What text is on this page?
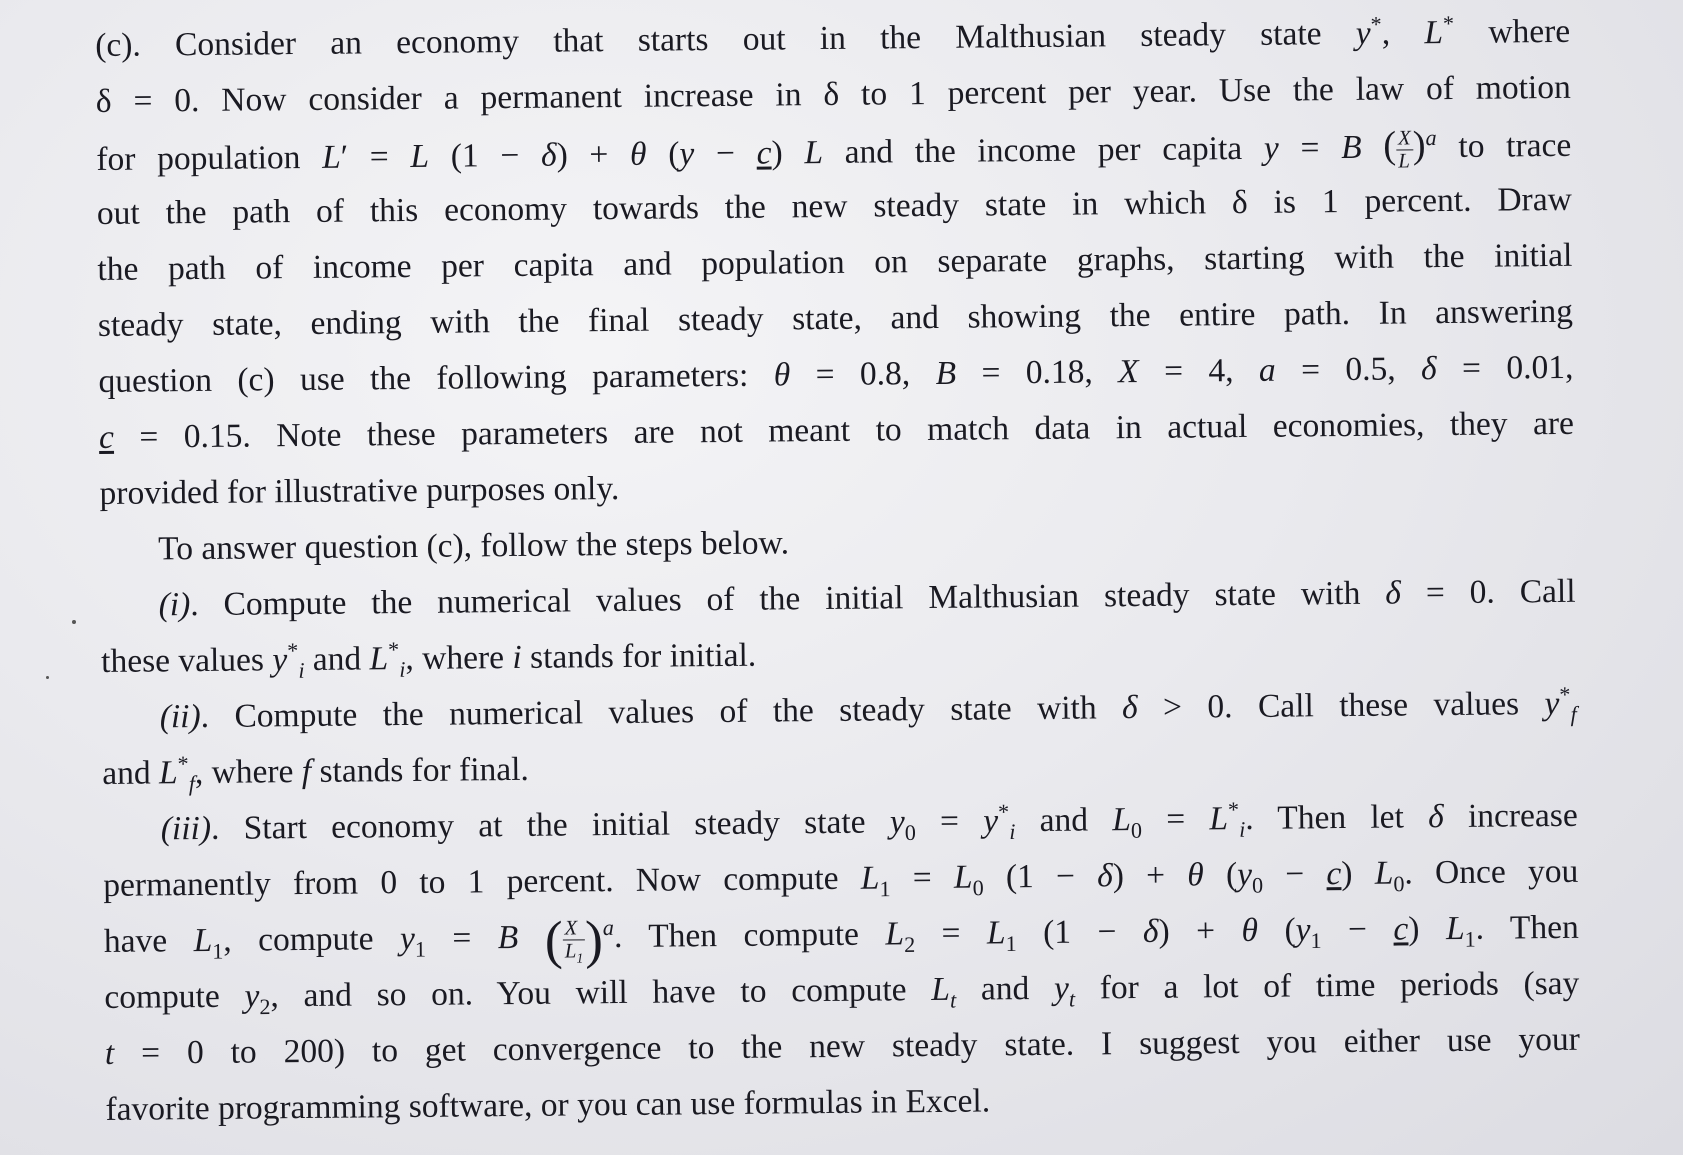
(c). Consider an economy that starts out in the Malthusian steady state y*, L* where
δ = 0. Now consider a permanent increase in δ to 1 percent per year. Use the law of motion
for population L′ = L (1 − δ) + θ (y − c) L and the income per capita y = B ( $\frac{X}{L} )^a$ to trace
out the path of this economy towards the new steady state in which δ is 1 percent. Draw
the path of income per capita and population on separate graphs, starting with the initial
steady state, ending with the final steady state, and showing the entire path. In answering
question (c) use the following parameters: θ = 0.8, B = 0.18, X = 4, a = 0.5, δ = 0.01,
c = 0.15. Note these parameters are not meant to match data in actual economies, they are
provided for illustrative purposes only.
To answer question (c), follow the steps below.
(i). Compute the numerical values of the initial Malthusian steady state with δ = 0. Call
these values $y^*_i$ and $L^*_i$, where i stands for initial.
(ii). Compute the numerical values of the steady state with δ > 0. Call these values $y^*_f$
and $L^*_f$, where f stands for final.
(iii). Start economy at the initial steady state $y_0 = y^*_i$ and $L_0 = L^*_i$. Then let δ increase
permanently from 0 to 1 percent. Now compute $L_1 = L_0$ (1 − δ) + θ $(y_0 - c)$ $L_0$. Once you
have $L_1$, compute $y_1 = B$ ( $\frac{X}{L_1} )^a$. Then compute $L_2 = L_1$ (1 − δ) + θ $(y_1 - c)$ $L_1$. Then
compute $y_2$, and so on. You will have to compute $L_t$ and $y_t$ for a lot of time periods (say
t = 0 to 200) to get convergence to the new steady state. I suggest you either use your
favorite programming software, or you can use formulas in Excel.
